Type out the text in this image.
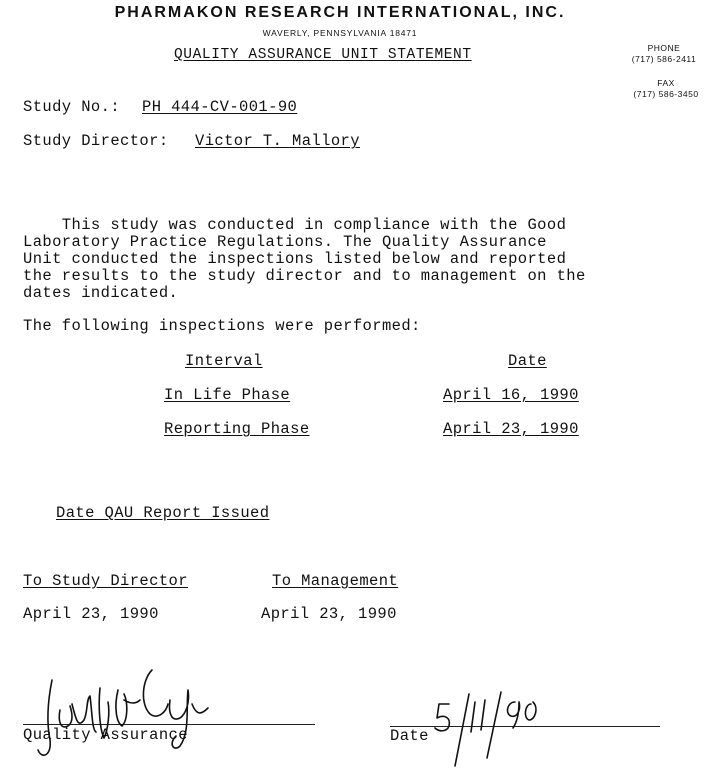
PHARMAKON RESEARCH INTERNATIONAL, INC.
WAVERLY, PENNSYLVANIA 18471
QUALITY ASSURANCE UNIT STATEMENT	PHONE
(717) 586-2411
FAX
(717) 586-3450
Study No.: PH 444-CV-001-90
Study Director: Victor T. Mallory

This study was conducted in compliance with the Good
Laboratory Practice Regulations. The Quality Assurance
Unit conducted the inspections listed below and reported
the results to the study director and to management on the
dates indicated.

The following inspections were performed:
Interval	Date
In Life Phase	April 16, 1990
Reporting Phase	April 23, 1990
Date QAU Report Issued
To Study Director	To Management
April 23, 1990	April 23, 1990
Quality Assurance	Date
